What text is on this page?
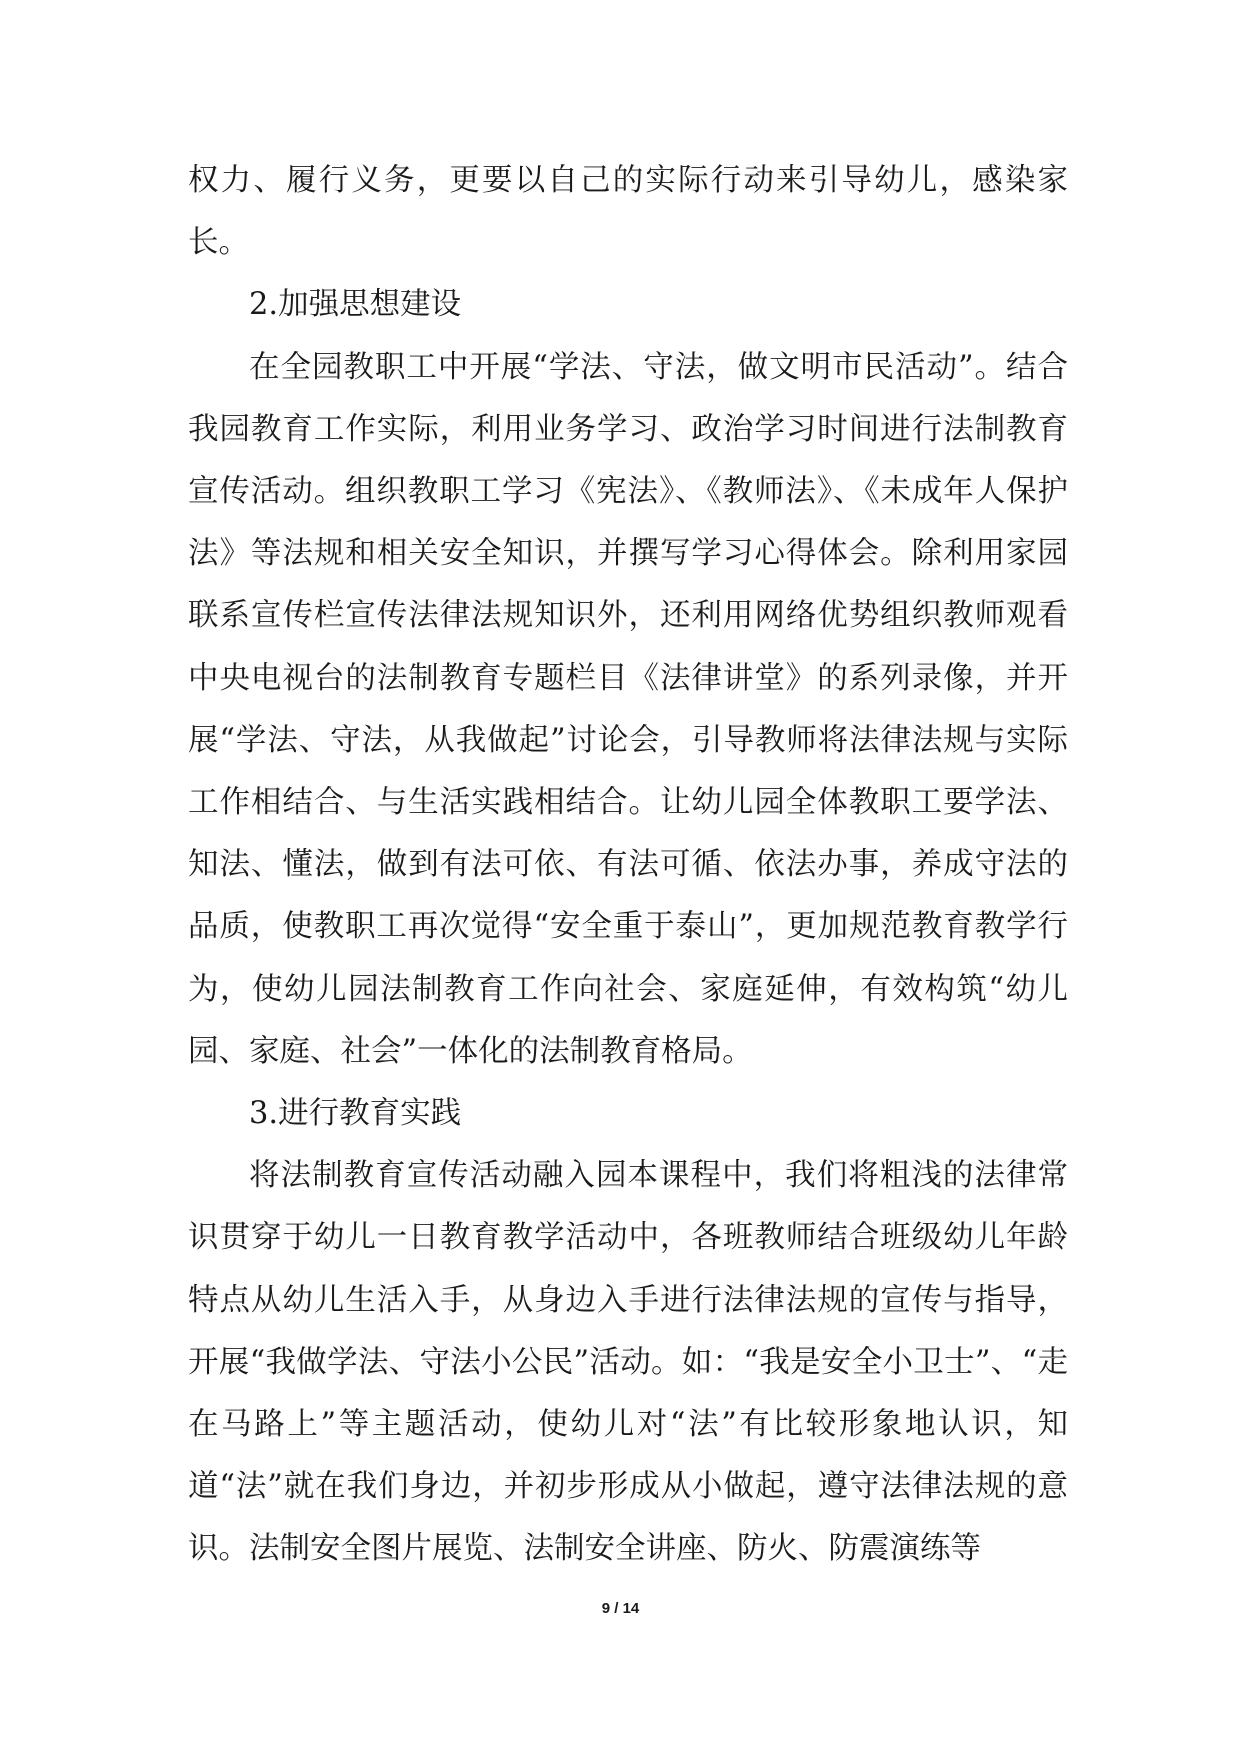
权力、履行义务，更要以自己的实际行动来引导幼儿，感染家长。

2.加强思想建设

在全园教职工中开展“学法、守法，做文明市民活动”。结合我园教育工作实际，利用业务学习、政治学习时间进行法制教育宣传活动。组织教职工学习《宪法》、《教师法》、《未成年人保护法》等法规和相关安全知识，并撰写学习心得体会。除利用家园联系宣传栏宣传法律法规知识外，还利用网络优势组织教师观看中央电视台的法制教育专题栏目《法律讲堂》的系列录像，并开展“学法、守法，从我做起”讨论会，引导教师将法律法规与实际工作相结合、与生活实践相结合。让幼儿园全体教职工要学法、知法、懂法，做到有法可依、有法可循、依法办事，养成守法的品质，使教职工再次觉得“安全重于泰山”，更加规范教育教学行为，使幼儿园法制教育工作向社会、家庭延伸，有效构筑“幼儿园、家庭、社会”一体化的法制教育格局。

3.进行教育实践

将法制教育宣传活动融入园本课程中，我们将粗浅的法律常识贯穿于幼儿一日教育教学活动中，各班教师结合班级幼儿年龄特点从幼儿生活入手，从身边入手进行法律法规的宣传与指导，开展“我做学法、守法小公民”活动。如：“我是安全小卫士”、“走在马路上”等主题活动，使幼儿对“法”有比较形象地认识，知道“法”就在我们身边，并初步形成从小做起，遵守法律法规的意识。法制安全图片展览、法制安全讲座、防火、防震演练等

9 / 14
